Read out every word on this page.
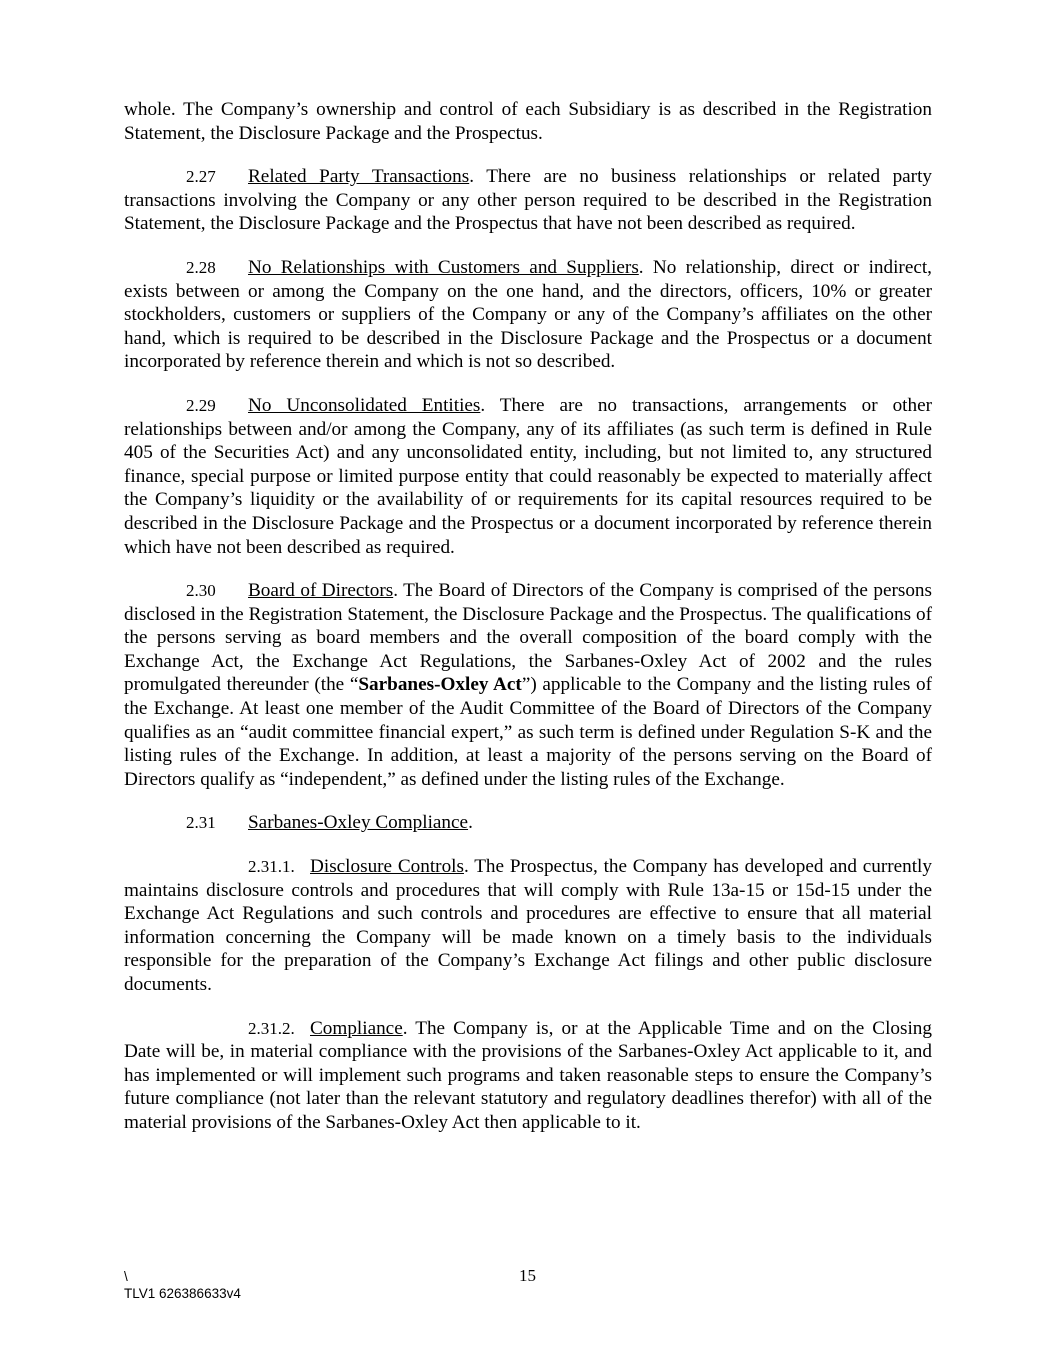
whole. The Company’s ownership and control of each Subsidiary is as described in the Registration Statement, the Disclosure Package and the Prospectus.

2.27 Related Party Transactions. There are no business relationships or related party transactions involving the Company or any other person required to be described in the Registration Statement, the Disclosure Package and the Prospectus that have not been described as required.

2.28 No Relationships with Customers and Suppliers. No relationship, direct or indirect, exists between or among the Company on the one hand, and the directors, officers, 10% or greater stockholders, customers or suppliers of the Company or any of the Company’s affiliates on the other hand, which is required to be described in the Disclosure Package and the Prospectus or a document incorporated by reference therein and which is not so described.

2.29 No Unconsolidated Entities. There are no transactions, arrangements or other relationships between and/or among the Company, any of its affiliates (as such term is defined in Rule 405 of the Securities Act) and any unconsolidated entity, including, but not limited to, any structured finance, special purpose or limited purpose entity that could reasonably be expected to materially affect the Company’s liquidity or the availability of or requirements for its capital resources required to be described in the Disclosure Package and the Prospectus or a document incorporated by reference therein which have not been described as required.

2.30 Board of Directors. The Board of Directors of the Company is comprised of the persons disclosed in the Registration Statement, the Disclosure Package and the Prospectus. The qualifications of the persons serving as board members and the overall composition of the board comply with the Exchange Act, the Exchange Act Regulations, the Sarbanes-Oxley Act of 2002 and the rules promulgated thereunder (the “Sarbanes-Oxley Act”) applicable to the Company and the listing rules of the Exchange. At least one member of the Audit Committee of the Board of Directors of the Company qualifies as an “audit committee financial expert,” as such term is defined under Regulation S-K and the listing rules of the Exchange. In addition, at least a majority of the persons serving on the Board of Directors qualify as “independent,” as defined under the listing rules of the Exchange.

2.31 Sarbanes-Oxley Compliance.

2.31.1. Disclosure Controls. The Prospectus, the Company has developed and currently maintains disclosure controls and procedures that will comply with Rule 13a-15 or 15d-15 under the Exchange Act Regulations and such controls and procedures are effective to ensure that all material information concerning the Company will be made known on a timely basis to the individuals responsible for the preparation of the Company’s Exchange Act filings and other public disclosure documents.

2.31.2. Compliance. The Company is, or at the Applicable Time and on the Closing Date will be, in material compliance with the provisions of the Sarbanes-Oxley Act applicable to it, and has implemented or will implement such programs and taken reasonable steps to ensure the Company’s future compliance (not later than the relevant statutory and regulatory deadlines therefor) with all of the material provisions of the Sarbanes-Oxley Act then applicable to it.

15
\
TLV1 626386633v4
